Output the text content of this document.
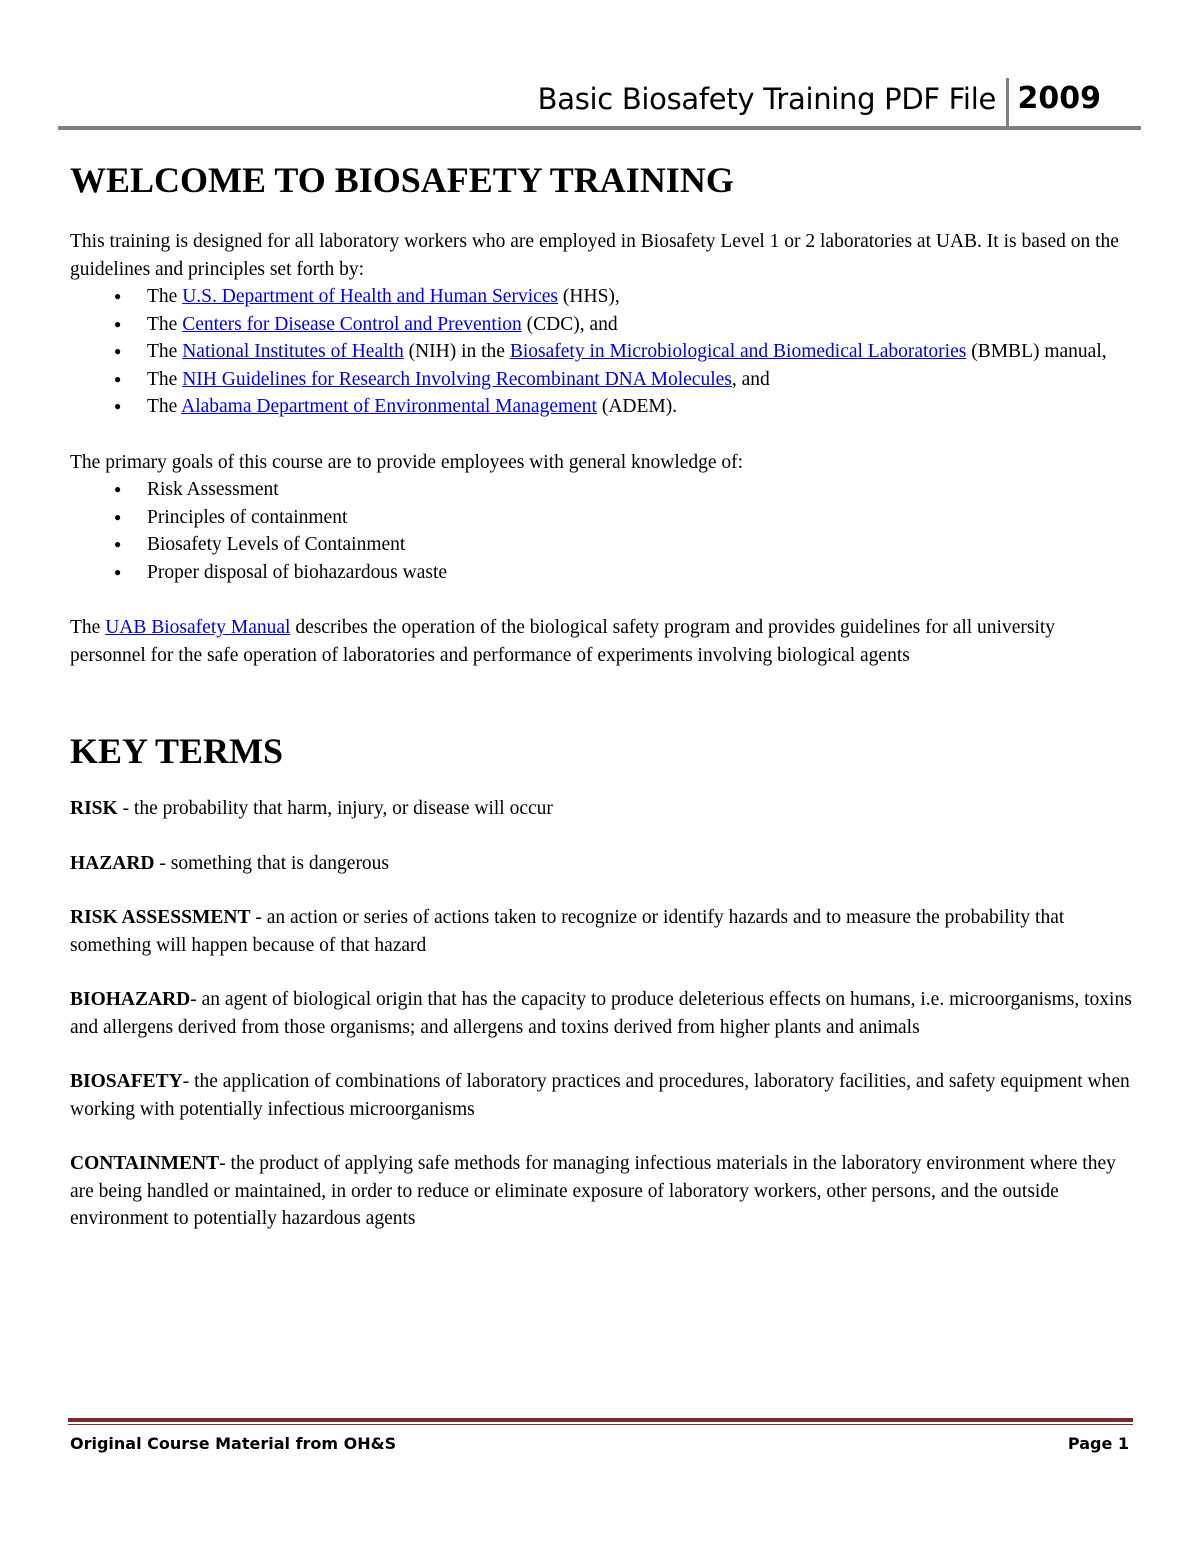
Basic Biosafety Training PDF File 2009
WELCOME TO BIOSAFETY TRAINING

This training is designed for all laboratory workers who are employed in Biosafety Level 1 or 2 laboratories at UAB. It is based on the guidelines and principles set forth by:

● The U.S. Department of Health and Human Services (HHS),
● The Centers for Disease Control and Prevention (CDC), and
● The National Institutes of Health (NIH) in the Biosafety in Microbiological and Biomedical Laboratories (BMBL) manual,
● The NIH Guidelines for Research Involving Recombinant DNA Molecules, and
● The Alabama Department of Environmental Management (ADEM).

The primary goals of this course are to provide employees with general knowledge of:

● Risk Assessment
● Principles of containment
● Biosafety Levels of Containment
● Proper disposal of biohazardous waste

The UAB Biosafety Manual describes the operation of the biological safety program and provides guidelines for all university personnel for the safe operation of laboratories and performance of experiments involving biological agents

KEY TERMS

RISK - the probability that harm, injury, or disease will occur

HAZARD - something that is dangerous

RISK ASSESSMENT - an action or series of actions taken to recognize or identify hazards and to measure the probability that something will happen because of that hazard

BIOHAZARD- an agent of biological origin that has the capacity to produce deleterious effects on humans, i.e. microorganisms, toxins and allergens derived from those organisms; and allergens and toxins derived from higher plants and animals

BIOSAFETY- the application of combinations of laboratory practices and procedures, laboratory facilities, and safety equipment when working with potentially infectious microorganisms

CONTAINMENT- the product of applying safe methods for managing infectious materials in the laboratory environment where they are being handled or maintained, in order to reduce or eliminate exposure of laboratory workers, other persons, and the outside environment to potentially hazardous agents

Original Course Material from OH&S	Page 1
